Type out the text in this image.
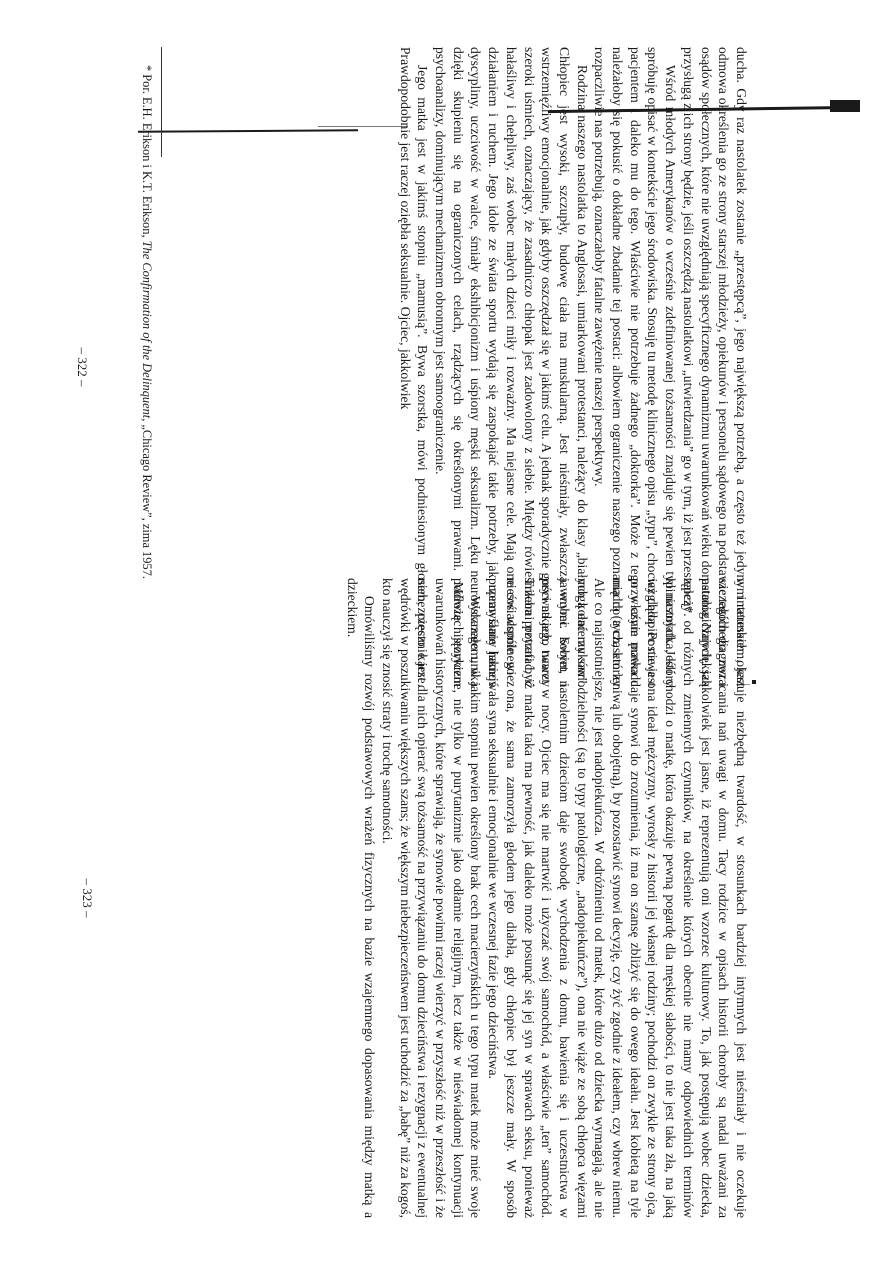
ducha. Gdy raz nastolatek zostanie „przestępcą”, jego największą potrzebą, a często też jedynym ratunkiem, jest odmowa określenia go ze strony starszej młodzieży, opiekunów i personelu sądowego na podstawie takich diagnoz i osądów społecznych, które nie uwzględniają specyficznego dynamizmu uwarunkowań wieku dorastania. Największą przysługą z ich strony będzie, jeśli oszczędzą nastolatkowi „utwierdzania” go w tym, iż jest przestępcą*.

Wśród młodych Amerykanów o wcześnie zdefiniowanej tożsamości znajduje się pewien typ nastolatka, który spróbuję opisać w kontekście jego środowiska. Stosuję tu metodę klinicznego opisu „typu”, chociaż chłopiec nie jest pacjentem i daleko mu do tego. Właściwie nie potrzebuje żadnego „doktorka”. Może z tego właśnie powodu należałoby się pokusić o dokładne zbadanie tej postaci: albowiem ograniczenie naszego poznania do tych, którzy rozpaczliwie nas potrzebują, oznaczałoby fatalne zawężenie naszej perspektywy.

Rodzina naszego nastolatka to Anglosasi, umiarkowani protestanci, należący do klasy „białych kołnierzyków”. Chłopiec jest wysoki, szczupły, budowę ciała ma muskularną. Jest nieśmiały, zwłaszcza wobec kobiet, i wstrzemięźliwy emocjonalnie, jak gdyby oszczędzał się w jakimś celu. A jednak sporadycznie gości na jego twarzy szeroki uśmiech, oznaczający, że zasadniczo chłopak jest zadowolony z siebie. Między rówieśnikami potrafi być hałaśliwy i chełpliwy, zaś wobec małych dzieci miły i rozważny. Ma niejasne cele. Mają one coś wspólnego z działaniem i ruchem. Jego idole ze świata sportu wydają się zaspokajać takie potrzeby, jak uprawianie jakiejś dyscypliny, uczciwość w walce, śmiały ekshibicjonizm i uśpiony męski seksualizm. Lęku neurotycznego unika dzięki skupieniu się na ograniczonych celach, rządzących się określonymi prawami. Mówiąc językiem psychoanalizy, dominującym mechanizmem obronnym jest samoograniczenie.

Jego matka jest w jakimś stopniu „mamusią”. Bywa szorstka, mówi podniesionym głosem, często karze. Prawdopodobnie jest raczej oziębła seksualnie. Ojciec, jakkolwiek

* Por. E.H. Erikson i K.T. Erikson, The Confirmation of the Delinquent, „Chicago Review”, zima 1957.

– 322 –

w interesach okazuje niezbędną twardość, w stosunkach bardziej intymnych jest nieśmiały i nie oczekuje szczególnego zwracania nań uwagi w domu. Tacy rodzice w opisach historii choroby są nadal uważani za patologicznych, jakkolwiek jest jasne, iż reprezentują oni wzorzec kulturowy. To, jak postępują wobec dziecka, zależy od różnych zmiennych czynników, na określenie których obecnie nie mamy odpowiednich terminów klinicznych. Jeśli chodzi o matkę, która okazuje pewną pogardę dla męskiej słabości, to nie jest taka zła, na jaką wygląda. Postawa ona ideał mężczyzny, wyrosły z historii jej własnej rodziny; pochodzi on zwykle ze strony ojca, przy czym matka daje synowi do zrozumienia, iż ma on szansę zbliżyć się do owego ideału. Jest kobietą na tyle mądrą (a czasem leniwą lub obojętną), by pozostawić synowi decyzję, czy żyć zgodnie z ideałem, czy wbrew niemu. Ale co najistotniejsze, nie jest nadopiekuńcza. W odróżnieniu od matek, które dużo od dziecka wymagają, ale nie mogą dać mu samodzielności (są to typy patologiczne, „nadopiekuńcze”), ona nie wiąże ze sobą chłopca więzami jawnymi. Swym nastoletnim dzieciom daje swobodę wychodzenia z domu, bawienia się i uczestnictwa w prywatkach, nawet w nocy. Ojciec ma się nie martwić i użyczać swój samochód, a właściwie „ten” samochód. Trzeba przyznać, iż matka taka ma pewność, jak daleko może posunąć się jej syn w sprawach seksu, ponieważ nieświadomie wie ona, że sama zamorzyła głodem jego diabła, gdy chłopiec był jeszcze mały. W sposób przemyślany hamowała syna seksualnie i emocjonalnie we wczesnej fazie jego dzieciństwa.

Wskazałem, w jakim stopniu pewien określony brak cech macierzyńskich u tego typu matek może mieć swoje podłoże historyczne, nie tylko w purytanizmie jako odłamie religijnym, lecz także w nieświadomej kontynuacji uwarunkowań historycznych, które sprawiają, że synowie powinni raczej wierzyć w przyszłość niż w przeszłość i że niebezpiecznie jest dla nich opierać swą tożsamość na przywiązaniu do domu dzieciństwa i rezygnacji z ewentualnej wędrówki w poszukiwaniu większych szans; że większym niebezpieczeństwem jest uchodzić za „babę” niż za kogoś, kto nauczył się znosić straty i trochę samotności.

Omówiliśmy rozwój podstawowych wrażeń fizycznych na bazie wzajemnego dopasowania między matką a dzieckiem.

– 323 –
